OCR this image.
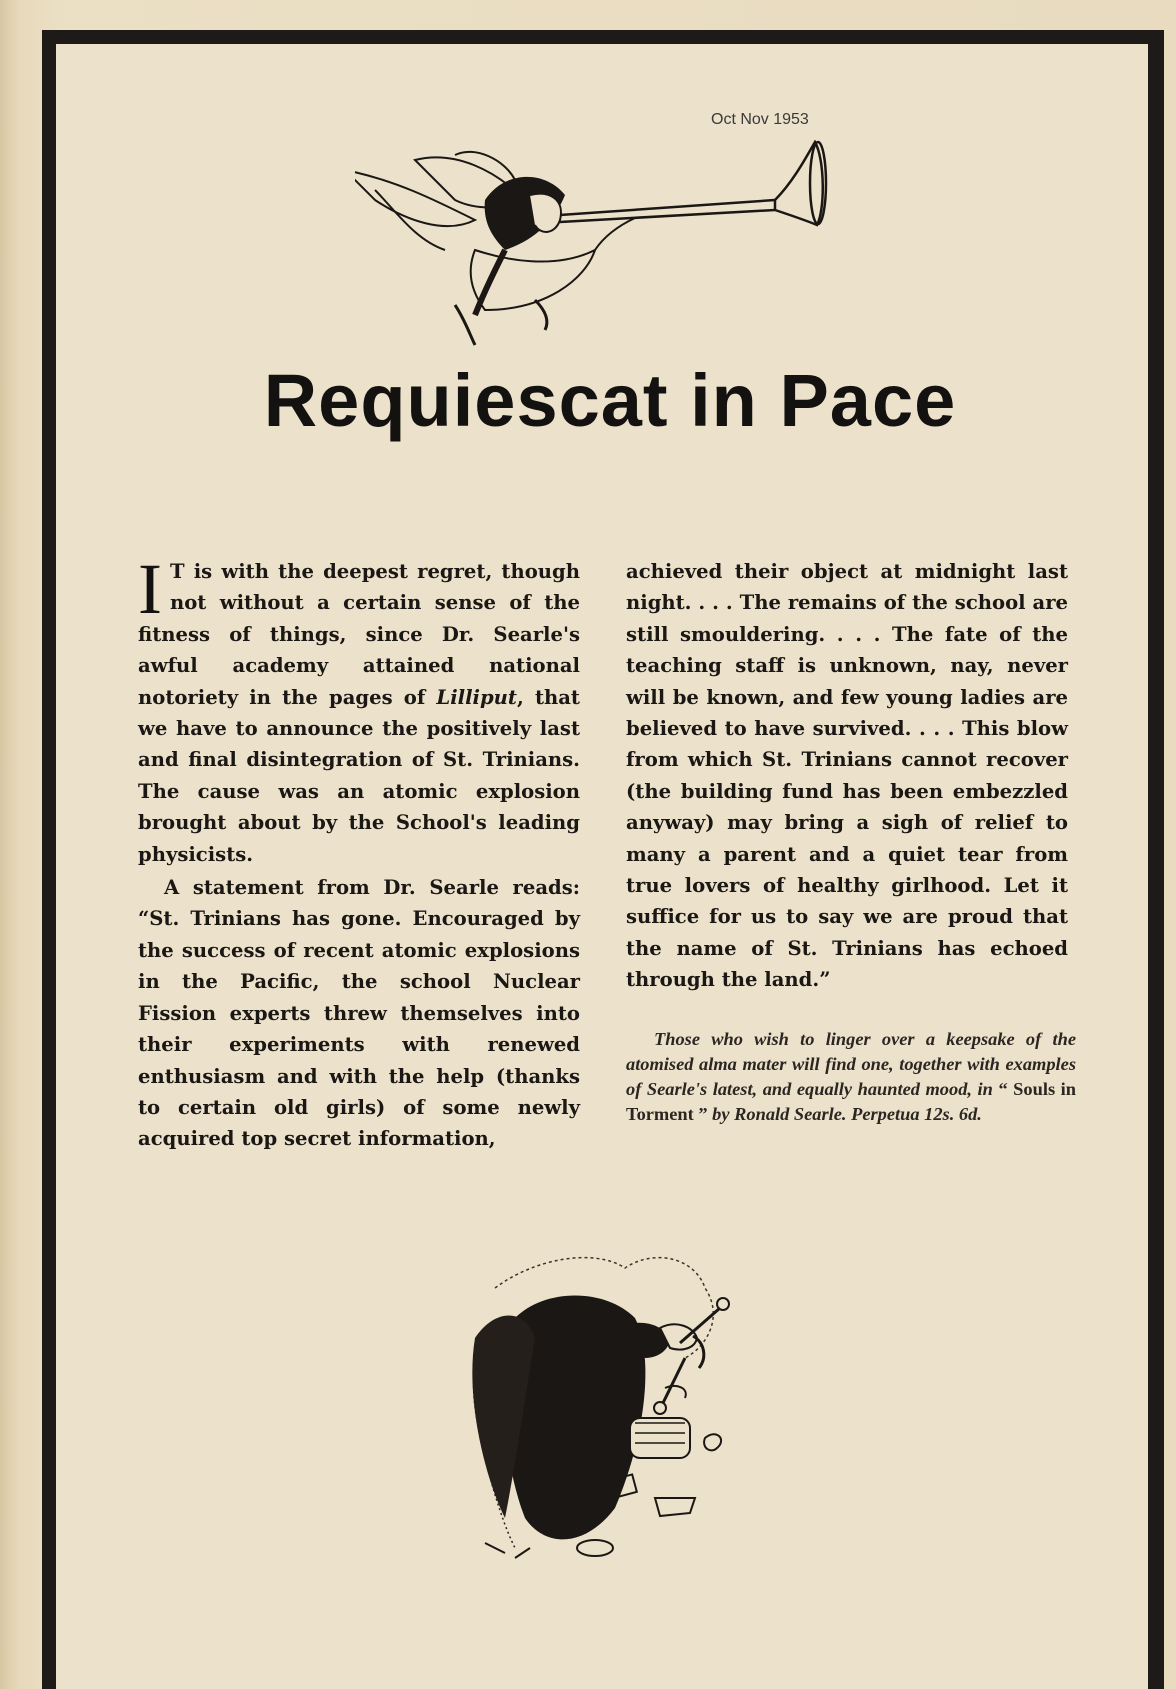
Oct Nov 1953
Requiescat in Pace

I T is with the deepest regret, though not without a certain sense of the fitness of things, since Dr. Searle's awful academy attained national notoriety in the pages of Lilliput, that we have to announce the positively last and final disintegration of St. Trinians. The cause was an atomic explosion brought about by the School's leading physicists.

A statement from Dr. Searle reads: “St. Trinians has gone. Encouraged by the success of recent atomic explosions in the Pacific, the school Nuclear Fission experts threw themselves into their experiments with renewed enthusiasm and with the help (thanks to certain old girls) of some newly acquired top secret information,

achieved their object at midnight last night. . . . The remains of the school are still smouldering. . . . The fate of the teaching staff is unknown, nay, never will be known, and few young ladies are believed to have survived. . . . This blow from which St. Trinians cannot recover (the building fund has been embezzled anyway) may bring a sigh of relief to many a parent and a quiet tear from true lovers of healthy girlhood. Let it suffice for us to say we are proud that the name of St. Trinians has echoed through the land.”

Those who wish to linger over a keepsake of the atomised alma mater will find one, together with examples of Searle's latest, and equally haunted mood, in “ Souls in Torment ” by Ronald Searle. Perpetua 12s. 6d.
